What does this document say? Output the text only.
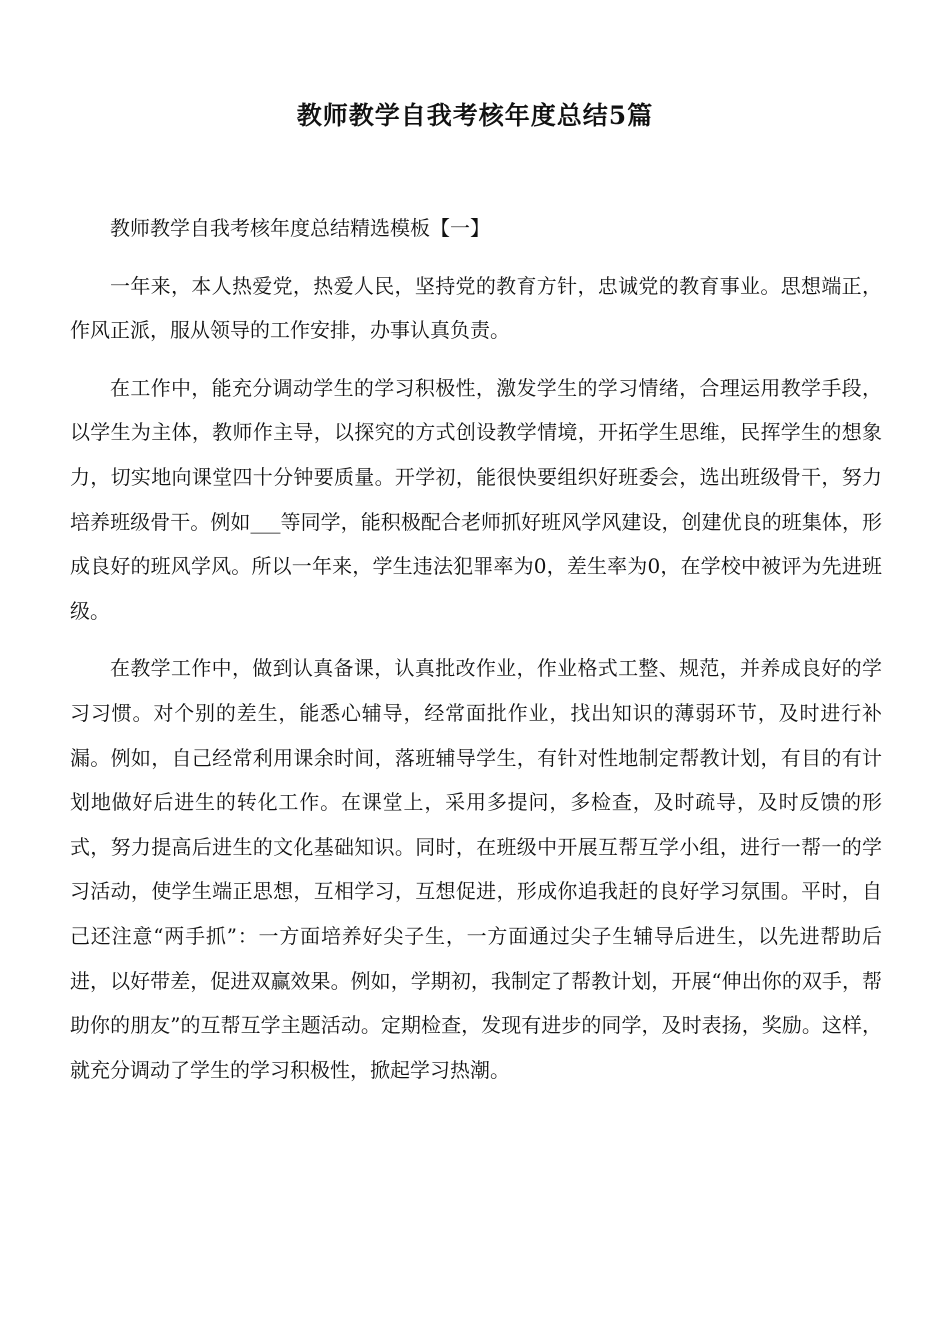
教师教学自我考核年度总结5篇

教师教学自我考核年度总结精选模板【一】

一年来，本人热爱党，热爱人民，坚持党的教育方针，忠诚党的教育事业。思想端正，作风正派，服从领导的工作安排，办事认真负责。

在工作中，能充分调动学生的学习积极性，激发学生的学习情绪，合理运用教学手段，以学生为主体，教师作主导，以探究的方式创设教学情境，开拓学生思维，民挥学生的想象力，切实地向课堂四十分钟要质量。开学初，能很快要组织好班委会，选出班级骨干，努力培养班级骨干。例如___等同学，能积极配合老师抓好班风学风建设，创建优良的班集体，形成良好的班风学风。所以一年来，学生违法犯罪率为0，差生率为0，在学校中被评为先进班级。

在教学工作中，做到认真备课，认真批改作业，作业格式工整、规范，并养成良好的学习习惯。对个别的差生，能悉心辅导，经常面批作业，找出知识的薄弱环节，及时进行补漏。例如，自己经常利用课余时间，落班辅导学生，有针对性地制定帮教计划，有目的有计划地做好后进生的转化工作。在课堂上，采用多提问，多检查，及时疏导，及时反馈的形式，努力提高后进生的文化基础知识。同时，在班级中开展互帮互学小组，进行一帮一的学习活动，使学生端正思想，互相学习，互想促进，形成你追我赶的良好学习氛围。平时，自己还注意“两手抓”：一方面培养好尖子生，一方面通过尖子生辅导后进生，以先进帮助后进，以好带差，促进双赢效果。例如，学期初，我制定了帮教计划，开展“伸出你的双手，帮助你的朋友”的互帮互学主题活动。定期检查，发现有进步的同学，及时表扬，奖励。这样，就充分调动了学生的学习积极性，掀起学习热潮。
